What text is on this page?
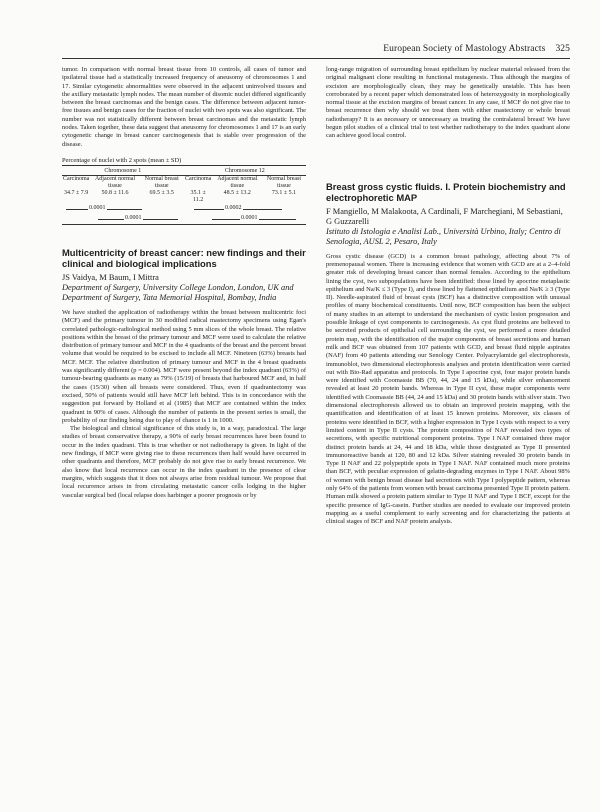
European Society of Mastology Abstracts 325

tumor. In comparison with normal breast tissue from 10 controls, all cases of tumor and ipsilateral tissue had a statistically increased frequency of aneusomy of chromosomes 1 and 17. Similar cytogenetic abnormalities were observed in the adjacent uninvolved tissues and the axillary metastatic lymph nodes. The mean number of disomic nuclei differed significantly between the breast carcinomas and the benign cases. The difference between adjacent tumor-free tissues and benign cases for the fraction of nuclei with two spots was also significant. The number was not statistically different between breast carcinomas and the metastatic lymph nodes. Taken together, these data suggest that aneusomy for chromosomes 1 and 17 is an early cytogenetic change in breast cancer carcinogenesis that is stable over progression of the disease.

Percentage of nuclei with 2 spots (mean ± SD)
Chromosome 1			Chromosome 12		
Carcinoma	Adjacent normal tissue	Normal breast tissue	Carcinoma	Adjacent normal tissue	Normal breast tissue
34.7 ± 7.9	50.8 ± 11.6	69.5 ± 3.5	35.1 ± 11.2	48.5 ± 13.2	73.1 ± 5.1
0.0001	0.0002
0.0001	0.0001
Multicentricity of breast cancer: new findings and their clinical and biological implications
JS Vaidya, M Baum, I Mittra
Department of Surgery, University College London, London, UK and Department of Surgery, Tata Memorial Hospital, Bombay, India

We have studied the application of radiotherapy within the breast between multicentric foci (MCF) and the primary tumour in 30 modified radical mastectomy specimens using Egan's correlated pathologic-radiological method using 5 mm slices of the whole breast. The relative positions within the breast of the primary tumour and MCF were used to calculate the relative distribution of primary tumour and MCF in the 4 quadrants of the breast and the percent breast volume that would be required to be excised to include all MCF. Nineteen (63%) breasts had MCF. MCF. The relative distribution of primary tumour and MCF in the 4 breast quadrants was significantly different (p = 0.004). MCF were present beyond the index quadrant (63%) of tumour-bearing quadrants as many as 79% (15/19) of breasts that harboured MCF and, in half the cases (15/30) when all breasts were considered. Thus, even if quadrantectomy was excised, 50% of patients would still have MCF left behind. This is in concordance with the suggestion put forward by Holland et al (1985) that MCF are contained within the index quadrant in 90% of cases. Although the number of patients in the present series is small, the probability of our finding being due to play of chance is 1 in 1000.

The biological and clinical significance of this study is, in a way, paradoxical. The large studies of breast conservative therapy, a 90% of early breast recurrences have been found to occur in the index quadrant. This is true whether or not radiotherapy is given. In light of the new findings, if MCF were giving rise to these recurrences then half would have occurred in other quadrants and therefore, MCF probably do not give rise to early breast recurrence. We also know that local recurrence can occur in the index quadrant in the presence of clear margins, which suggests that it does not always arise from residual tumour. We propose that local recurrence arises in from circulating metastatic cancer cells lodging in the higher vascular surgical bed (local relapse does harbinger a poorer prognosis or by

long-range migration of surrounding breast epithelium by nuclear material released from the original malignant clone resulting in functional mutagenesis. Thus although the margins of excision are morphologically clean, they may be genetically unstable. This has been corroborated by a recent paper which demonstrated loss of heterozygosity in morphologically normal tissue at the excision margins of breast cancer. In any case, if MCF do not give rise to breast recurrence then why should we treat them with either mastectomy or whole breast radiotherapy? It is as necessary or unnecessary as treating the contralateral breast! We have begun pilot studies of a clinical trial to test whether radiotherapy to the index quadrant alone can achieve good local control.

Breast gross cystic fluids. I. Protein biochemistry and electrophoretic MAP
F Mangiello, M Malakoota, A Cardinali, F Marchegiani, M Sebastiani, G Guzzarelli
Istituto di Istologia e Analisi Lab., Università Urbino, Italy; Centro di Senologia, AUSL 2, Pesaro, Italy

Gross cystic disease (GCD) is a common breast pathology, affecting about 7% of premenopausal women. There is increasing evidence that women with GCD are at a 2–4-fold greater risk of developing breast cancer than normal females. According to the epithelium lining the cyst, two subpopulations have been identified: those lined by apocrine metaplastic epithelium and Na/K ≤ 3 (Type I), and those lined by flattened epithelium and Na/K ≥ 3 (Type II). Needle-aspirated fluid of breast cysts (BCF) has a distinctive composition with unusual profiles of many biochemical constituents. Until now, BCF composition has been the subject of many studies in an attempt to understand the mechanism of cystic lesion progression and possible linkage of cyst components to carcinogenesis. As cyst fluid proteins are believed to be secreted products of epithelial cell surrounding the cyst, we performed a more detailed protein map, with the identification of the major components of breast secretions and human milk and BCF was obtained from 107 patients with GCD, and breast fluid nipple aspirates (NAF) from 40 patients attending our Senology Center. Polyacrylamide gel electrophoresis, immunoblot, two dimensional electrophoresis analyses and protein identification were carried out with Bio-Rad apparatus and protocols. In Type I apocrine cyst, four major protein bands were identified with Coomassie BB (70, 44, 24 and 15 kDa), while silver enhancement revealed at least 20 protein bands. Whereas in Type II cyst, these major components were identified with Coomassie BB (44, 24 and 15 kDa) and 30 protein bands with silver stain. Two dimensional electrophoresis allowed us to obtain an improved protein mapping, with the quantification and identification of at least 15 known proteins. Moreover, six classes of proteins were identified in BCF, with a higher expression in Type I cysts with respect to a very limited content in Type II cysts. The protein composition of NAF revealed two types of secretions, with specific nutritional component proteins. Type I NAF contained three major distinct protein bands at 24, 44 and 18 kDa, while those designated as Type II presented immunoreactive bands at 120, 80 and 12 kDa. Silver staining revealed 30 protein bands in Type II NAF and 22 polypeptide spots in Type I NAF. NAF contained much more proteins than BCF, with peculiar expression of gelatin-degrading enzymes in Type I NAF. About 98% of women with benign breast disease had secretions with Type I polypeptide pattern, whereas only 64% of the patients from women with breast carcinoma presented Type II protein pattern. Human milk showed a protein pattern similar to Type II NAF and Type I BCF, except for the specific presence of IgG-casein. Further studies are needed to evaluate our improved protein mapping as a useful complement to early screening and for characterizing the patients at clinical stages of BCF and NAF protein analysis.
